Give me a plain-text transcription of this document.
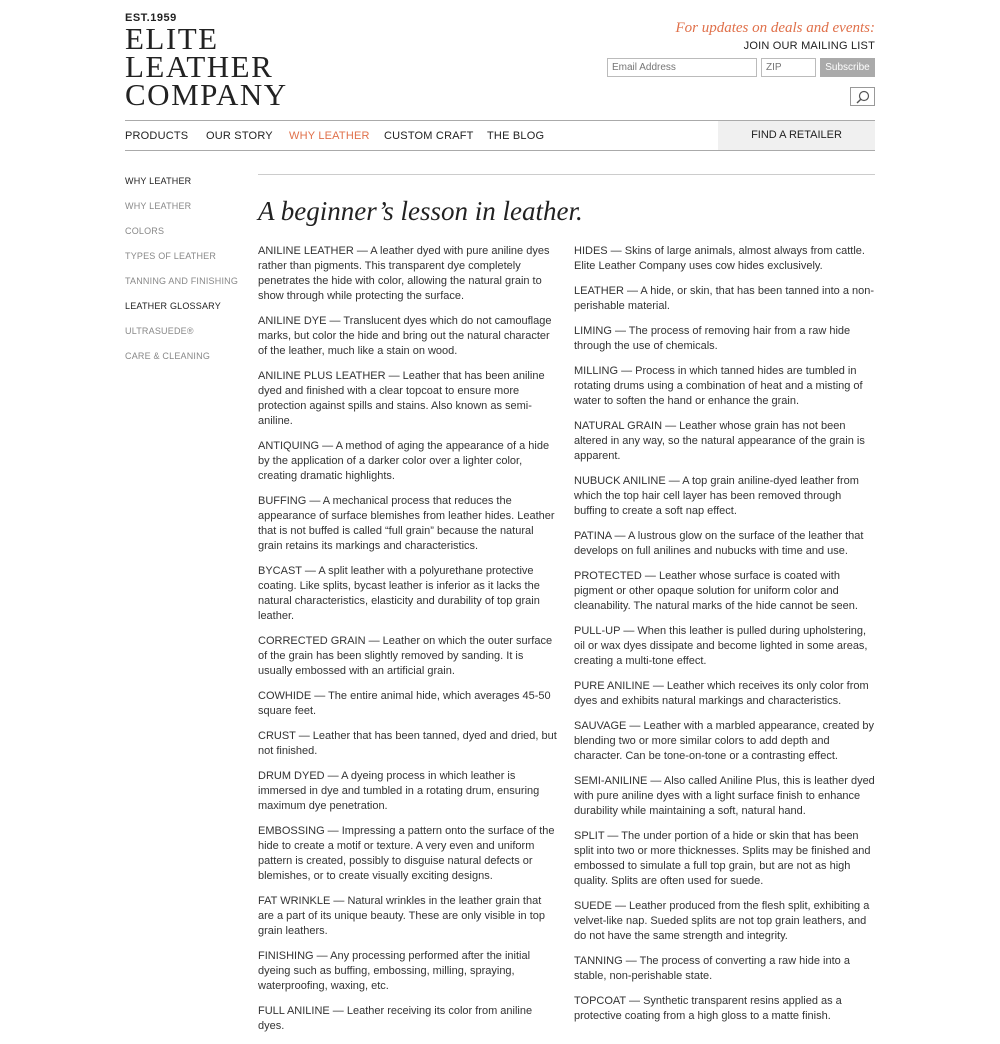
EST.1959
ELITE
LEATHER
COMPANY
For updates on deals and events:
JOIN OUR MAILING LIST
Email Address
ZIP
Subscribe
PRODUCTS OUR STORY WHY LEATHER CUSTOM CRAFT THE BLOG	FIND A RETAILER
WHY LEATHER
WHY LEATHER
COLORS
TYPES OF LEATHER
TANNING AND FINISHING
LEATHER GLOSSARY
ULTRASUEDE®
CARE & CLEANING
A beginner’s lesson in leather.

ANILINE LEATHER — A leather dyed with pure aniline dyes rather than pigments. This transparent dye completely penetrates the hide with color, allowing the natural grain to show through while protecting the surface.

ANILINE DYE — Translucent dyes which do not camouflage marks, but color the hide and bring out the natural character of the leather, much like a stain on wood.

ANILINE PLUS LEATHER — Leather that has been aniline dyed and finished with a clear topcoat to ensure more protection against spills and stains. Also known as semi-aniline.

ANTIQUING — A method of aging the appearance of a hide by the application of a darker color over a lighter color, creating dramatic highlights.

BUFFING — A mechanical process that reduces the appearance of surface blemishes from leather hides. Leather that is not buffed is called “full grain” because the natural grain retains its markings and characteristics.

BYCAST — A split leather with a polyurethane protective coating. Like splits, bycast leather is inferior as it lacks the natural characteristics, elasticity and durability of top grain leather.

CORRECTED GRAIN — Leather on which the outer surface of the grain has been slightly removed by sanding. It is usually embossed with an artificial grain.

COWHIDE — The entire animal hide, which averages 45-50 square feet.

CRUST — Leather that has been tanned, dyed and dried, but not finished.

DRUM DYED — A dyeing process in which leather is immersed in dye and tumbled in a rotating drum, ensuring maximum dye penetration.

EMBOSSING — Impressing a pattern onto the surface of the hide to create a motif or texture. A very even and uniform pattern is created, possibly to disguise natural defects or blemishes, or to create visually exciting designs.

FAT WRINKLE — Natural wrinkles in the leather grain that are a part of its unique beauty. These are only visible in top grain leathers.

FINISHING — Any processing performed after the initial dyeing such as buffing, embossing, milling, spraying, waterproofing, waxing, etc.

FULL ANILINE — Leather receiving its color from aniline dyes.

HIDES — Skins of large animals, almost always from cattle. Elite Leather Company uses cow hides exclusively.

LEATHER — A hide, or skin, that has been tanned into a non-perishable material.

LIMING — The process of removing hair from a raw hide through the use of chemicals.

MILLING — Process in which tanned hides are tumbled in rotating drums using a combination of heat and a misting of water to soften the hand or enhance the grain.

NATURAL GRAIN — Leather whose grain has not been altered in any way, so the natural appearance of the grain is apparent.

NUBUCK ANILINE — A top grain aniline-dyed leather from which the top hair cell layer has been removed through buffing to create a soft nap effect.

PATINA — A lustrous glow on the surface of the leather that develops on full anilines and nubucks with time and use.

PROTECTED — Leather whose surface is coated with pigment or other opaque solution for uniform color and cleanability. The natural marks of the hide cannot be seen.

PULL-UP — When this leather is pulled during upholstering, oil or wax dyes dissipate and become lighted in some areas, creating a multi-tone effect.

PURE ANILINE — Leather which receives its only color from dyes and exhibits natural markings and characteristics.

SAUVAGE — Leather with a marbled appearance, created by blending two or more similar colors to add depth and character. Can be tone-on-tone or a contrasting effect.

SEMI-ANILINE — Also called Aniline Plus, this is leather dyed with pure aniline dyes with a light surface finish to enhance durability while maintaining a soft, natural hand.

SPLIT — The under portion of a hide or skin that has been split into two or more thicknesses. Splits may be finished and embossed to simulate a full top grain, but are not as high quality. Splits are often used for suede.

SUEDE — Leather produced from the flesh split, exhibiting a velvet-like nap. Sueded splits are not top grain leathers, and do not have the same strength and integrity.

TANNING — The process of converting a raw hide into a stable, non-perishable state.

TOPCOAT — Synthetic transparent resins applied as a protective coating from a high gloss to a matte finish.
